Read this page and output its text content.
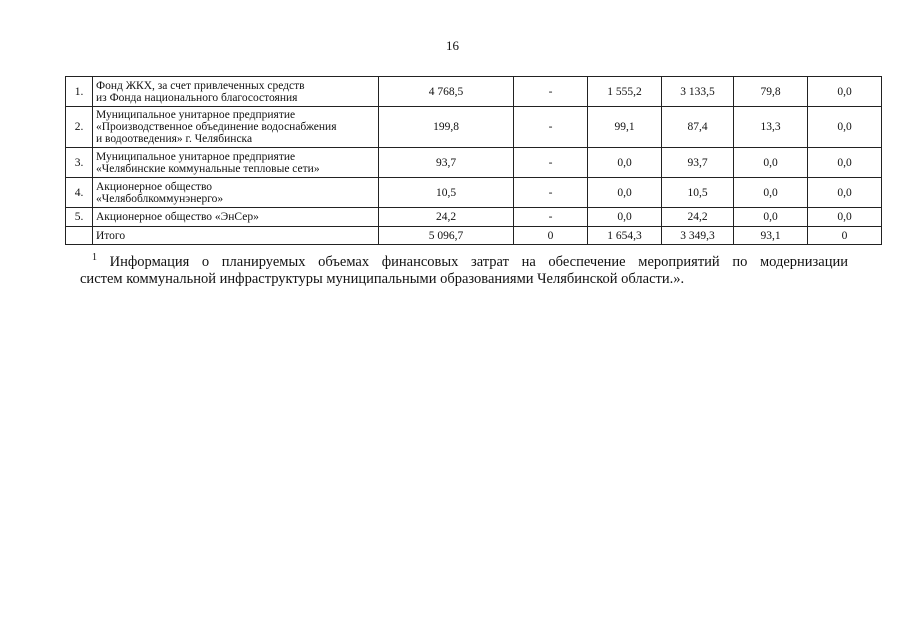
16
1.	Фонд ЖКХ, за счет привлеченных средств
из Фонда национального благосостояния	4 768,5	-	1 555,2	3 133,5	79,8	0,0
2.	Муниципальное унитарное предприятие
«Производственное объединение водоснабжения
и водоотведения» г. Челябинска	199,8	-	99,1	87,4	13,3	0,0
3.	Муниципальное унитарное предприятие
«Челябинские коммунальные тепловые сети»	93,7	-	0,0	93,7	0,0	0,0
4.	Акционерное общество
«Челябоблкоммунэнерго»	10,5	-	0,0	10,5	0,0	0,0
5.	Акционерное общество «ЭнСер»	24,2	-	0,0	24,2	0,0	0,0

	Итого	5 096,7	0	1 654,3	3 349,3	93,1	0
$^1$ Информация о планируемых объемах финансовых затрат на обеспечение мероприятий по модернизации
систем коммунальной инфраструктуры муниципальными образованиями Челябинской области.».
